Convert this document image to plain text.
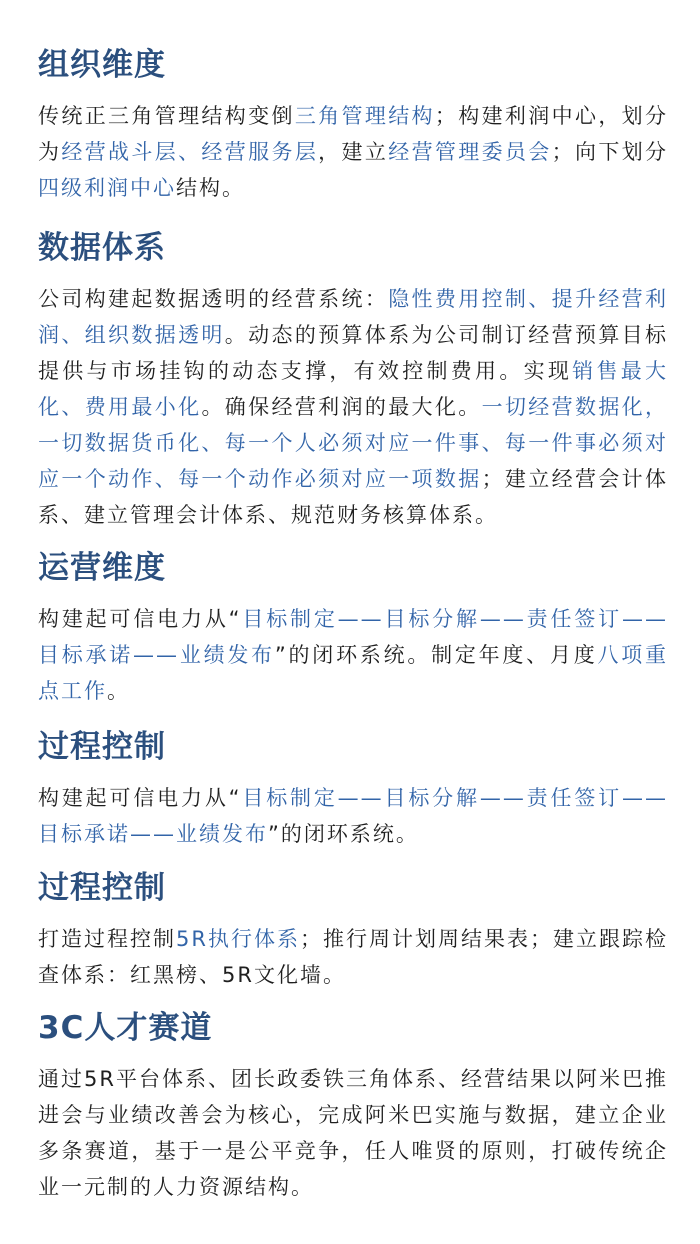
组织维度
传统正三角管理结构变倒三角管理结构；构建利润中心，划分为经营战斗层、经营服务层，建立经营管理委员会；向下划分四级利润中心结构。
数据体系
公司构建起数据透明的经营系统：隐性费用控制、提升经营利润、组织数据透明。动态的预算体系为公司制订经营预算目标提供与市场挂钩的动态支撑，有效控制费用。实现销售最大化、费用最小化。确保经营利润的最大化。一切经营数据化，一切数据货币化、每一个人必须对应一件事、每一件事必须对应一个动作、每一个动作必须对应一项数据；建立经营会计体系、建立管理会计体系、规范财务核算体系。
运营维度
构建起可信电力从“目标制定——目标分解——责任签订——目标承诺——业绩发布”的闭环系统。制定年度、月度八项重点工作。
过程控制
构建起可信电力从“目标制定——目标分解——责任签订——目标承诺——业绩发布”的闭环系统。
过程控制
打造过程控制5R执行体系；推行周计划周结果表；建立跟踪检查体系：红黑榜、5R文化墙。
3C人才赛道
通过5R平台体系、团长政委铁三角体系、经营结果以阿米巴推进会与业绩改善会为核心，完成阿米巴实施与数据，建立企业多条赛道，基于一是公平竞争，任人唯贤的原则，打破传统企业一元制的人力资源结构。
